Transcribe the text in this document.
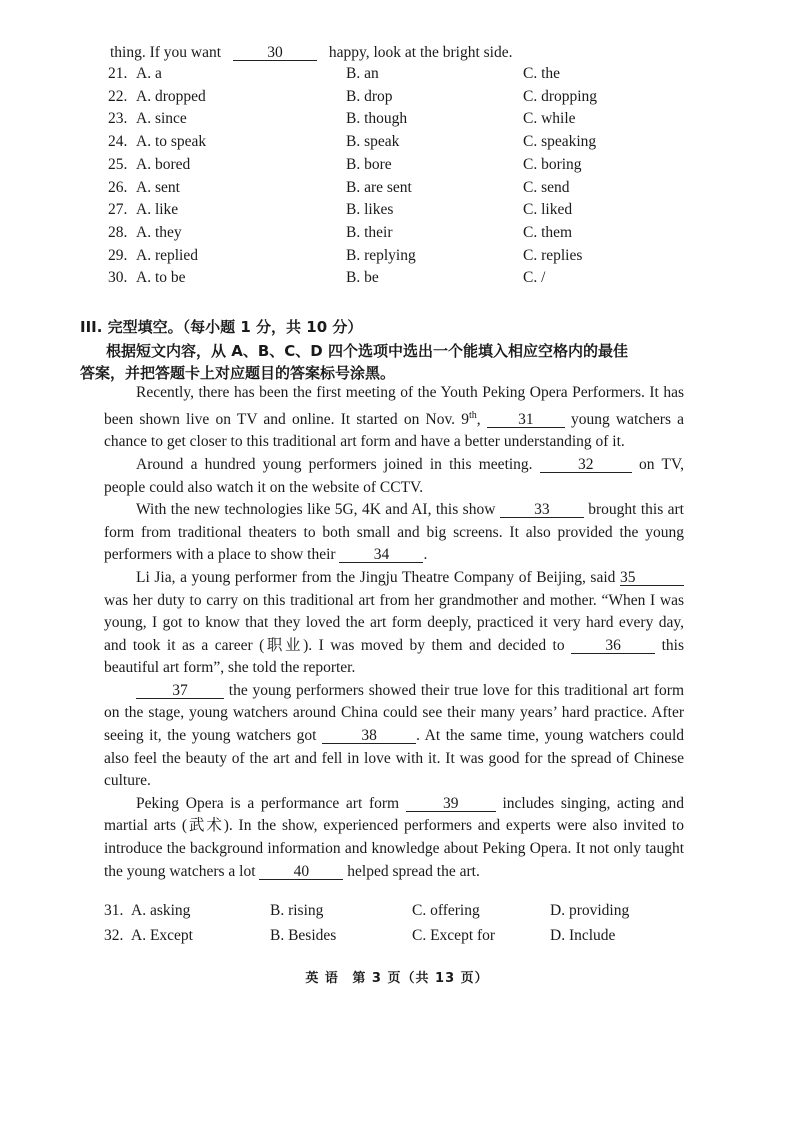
thing. If you want	30	happy, look at the bright side.
21. A. a	B. an	C. the
22. A. dropped	B. drop	C. dropping
23. A. since	B. though	C. while
24. A. to speak	B. speak	C. speaking
25. A. bored	B. bore	C. boring
26. A. sent	B. are sent	C. send
27. A. like	B. likes	C. liked
28. A. they	B. their	C. them
29. A. replied	B. replying	C. replies
30. A. to be	B. be	C. /
III. 完型填空。（每小题 1 分，共 10 分）
根据短文内容，从 A、B、C、D 四个选项中选出一个能填入相应空格内的最佳
答案，并把答题卡上对应题目的答案标号涂黑。

Recently, there has been the first meeting of the Youth Peking Opera Performers. It has been shown live on TV and online. It started on Nov. 9th, 31 young watchers a chance to get closer to this traditional art form and have a better understanding of it.

Around a hundred young performers joined in this meeting.	32	on TV, people could also watch it on the website of CCTV.

With the new technologies like 5G, 4K and AI, this show 33 brought this art form from traditional theaters to both small and big screens. It also provided the young performers with a place to show their 34 .

Li Jia, a young performer from the Jingju Theatre Company of Beijing, said 35 was her duty to carry on this traditional art from her grandmother and mother. “When I was young, I got to know that they loved the art form deeply, practiced it very hard every day, and took it as a career (职业). I was moved by them and decided to	36	this beautiful art form”, she told the reporter.

37	the young performers showed their true love for this traditional art form on the stage, young watchers around China could see their many years’ hard practice. After seeing it, the young watchers got	38	. At the same time, young watchers could also feel the beauty of the art and fell in love with it. It was good for the spread of Chinese culture.

Peking Opera is a performance art form	39	includes singing, acting and martial arts (武术). In the show, experienced performers and experts were also invited to introduce the background information and knowledge about Peking Opera. It not only taught the young watchers a lot 40 helped spread the art.

31. A. asking	B. rising	C. offering	D. providing
32. A. Except	B. Besides	C. Except for	D. Include
英 语 第 3 页（共 13 页）
